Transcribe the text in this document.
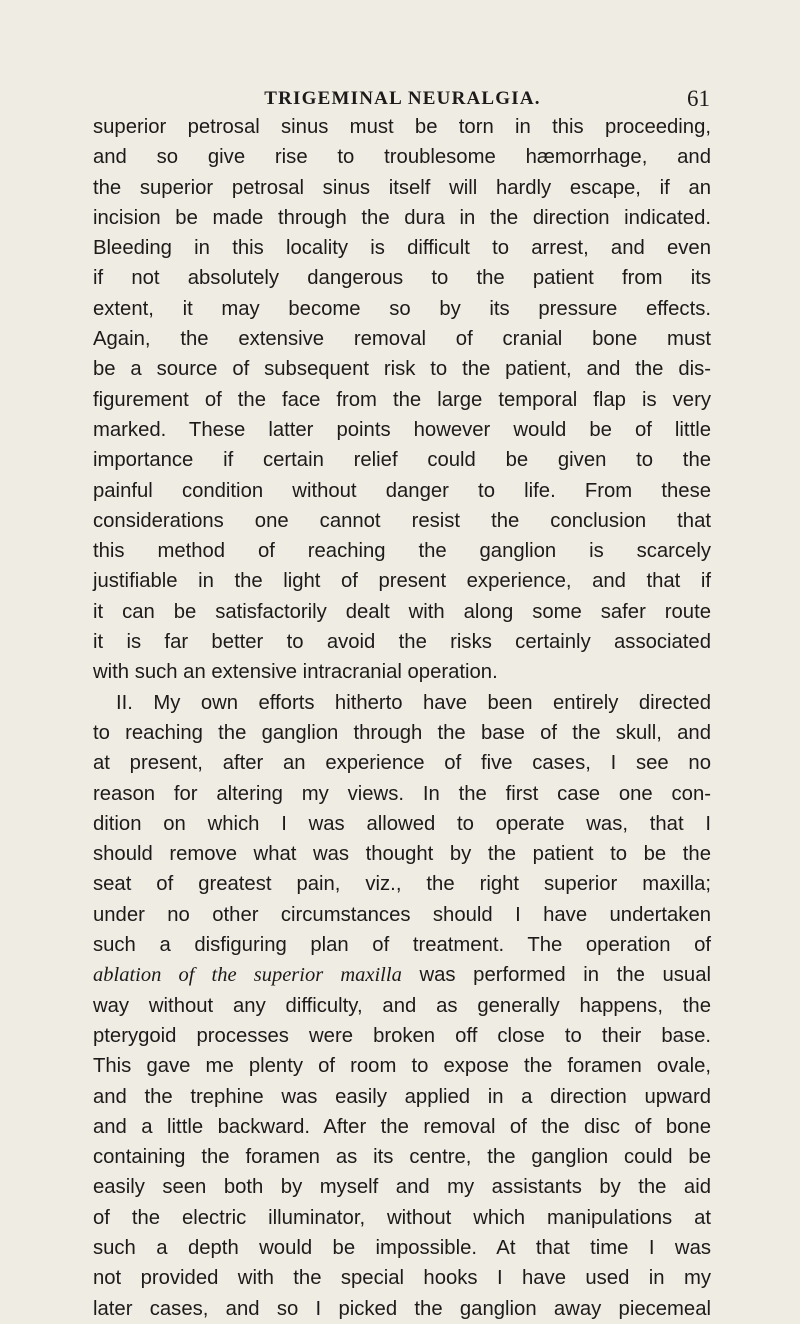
TRIGEMINAL NEURALGIA.	61
superior petrosal sinus must be torn in this proceeding,
and so give rise to troublesome hæmorrhage, and
the superior petrosal sinus itself will hardly escape, if an
incision be made through the dura in the direction indicated.
Bleeding in this locality is difficult to arrest, and even
if not absolutely dangerous to the patient from its
extent, it may become so by its pressure effects.
Again, the extensive removal of cranial bone must
be a source of subsequent risk to the patient, and the dis-
figurement of the face from the large temporal flap is very
marked. These latter points however would be of little
importance if certain relief could be given to the
painful condition without danger to life. From these
considerations one cannot resist the conclusion that
this method of reaching the ganglion is scarcely
justifiable in the light of present experience, and that if
it can be satisfactorily dealt with along some safer route
it is far better to avoid the risks certainly associated
with such an extensive intracranial operation.
II. My own efforts hitherto have been entirely directed
to reaching the ganglion through the base of the skull, and
at present, after an experience of five cases, I see no
reason for altering my views. In the first case one con-
dition on which I was allowed to operate was, that I
should remove what was thought by the patient to be the
seat of greatest pain, viz., the right superior maxilla;
under no other circumstances should I have undertaken
such a disfiguring plan of treatment. The operation of
ablation of the superior maxilla was performed in the usual
way without any difficulty, and as generally happens, the
pterygoid processes were broken off close to their base.
This gave me plenty of room to expose the foramen ovale,
and the trephine was easily applied in a direction upward
and a little backward. After the removal of the disc of bone
containing the foramen as its centre, the ganglion could be
easily seen both by myself and my assistants by the aid
of the electric illuminator, without which manipulations at
such a depth would be impossible. At that time I was
not provided with the special hooks I have used in my
later cases, and so I picked the ganglion away piecemeal
